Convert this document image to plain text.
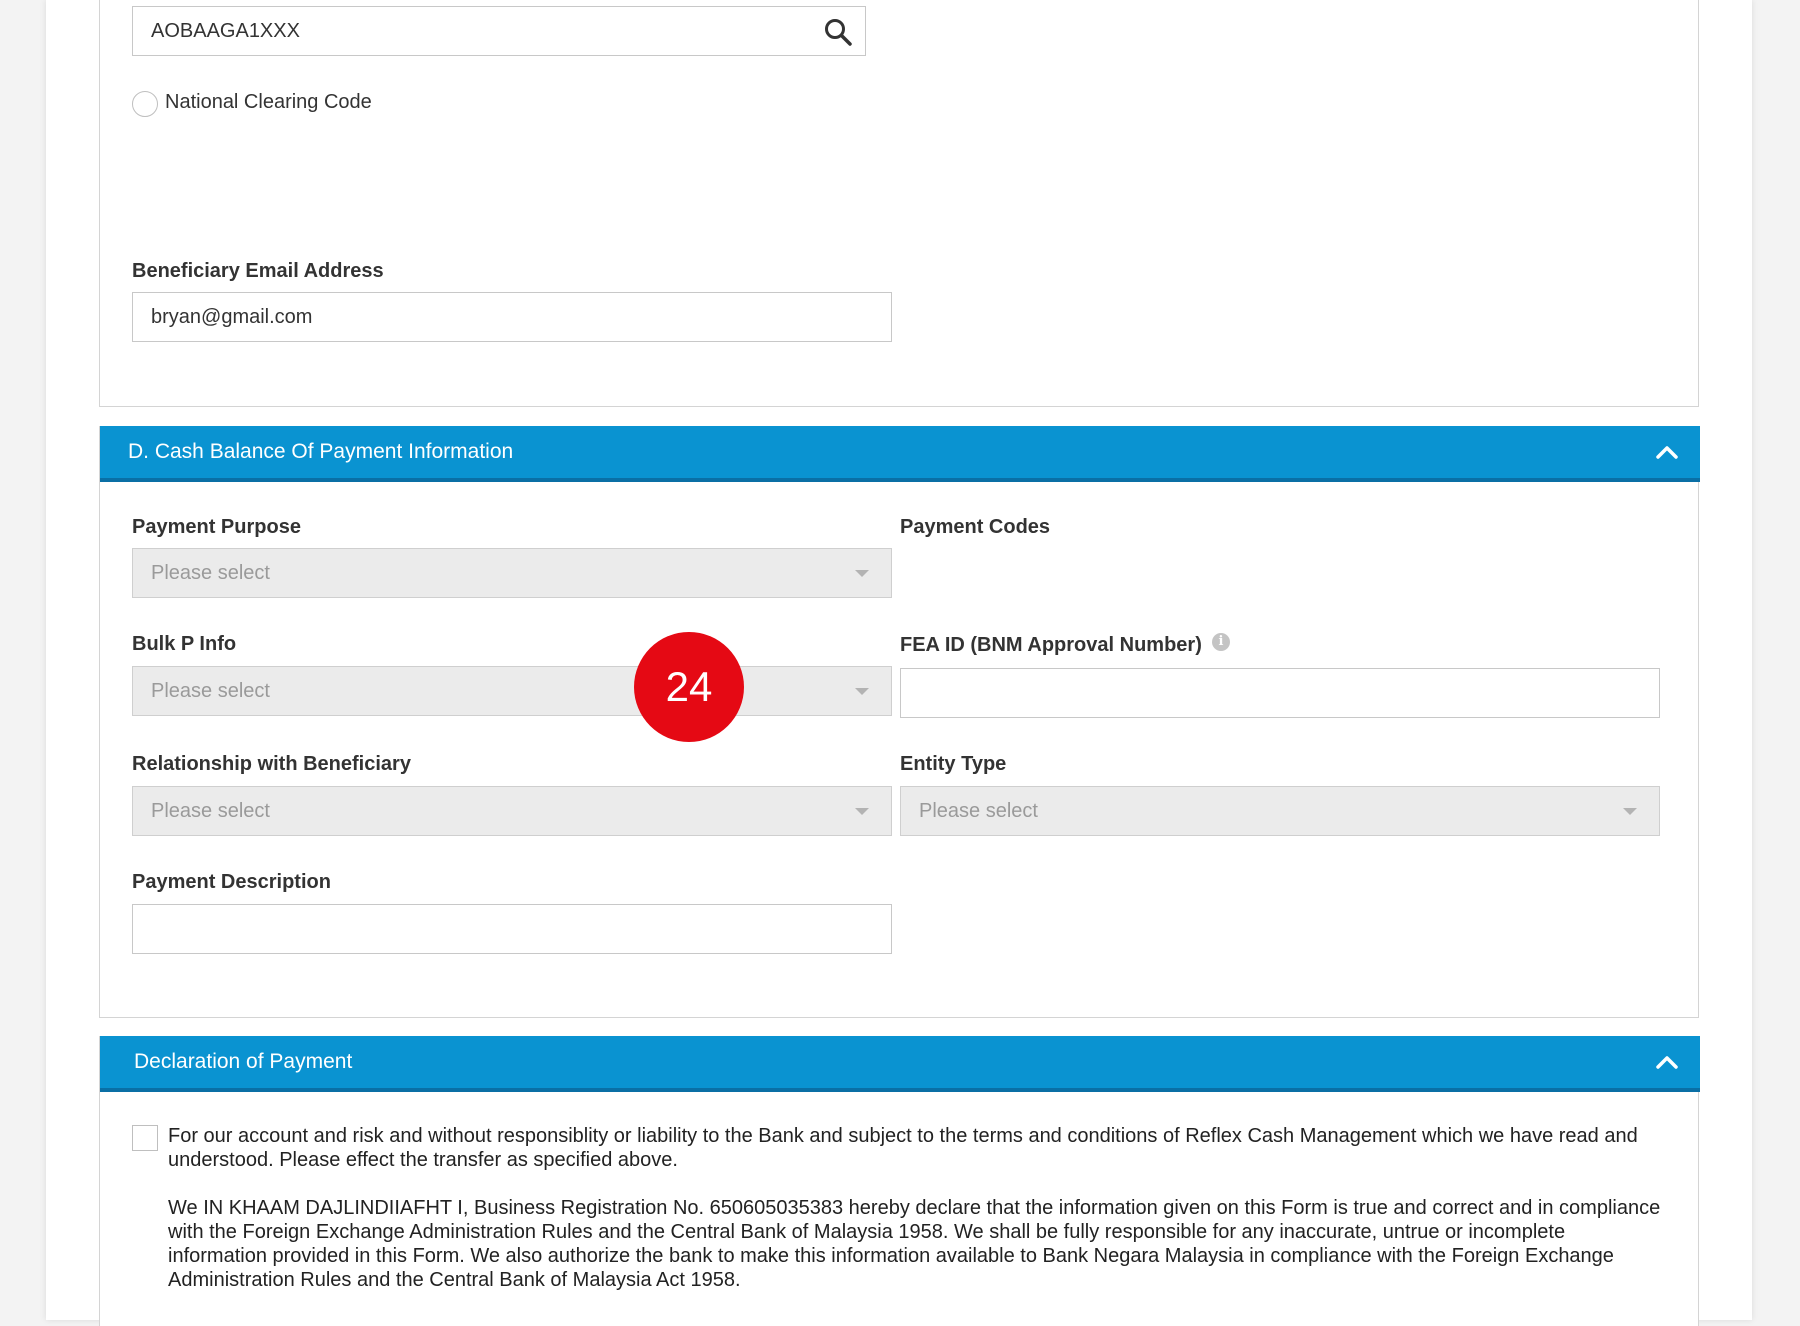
AOBAAGA1XXX
National Clearing Code
Beneficiary Email Address
bryan@gmail.com
D. Cash Balance Of Payment Information
Payment Purpose
Please select
Payment Codes
Bulk P Info
Please select
FEA ID (BNM Approval Number)	i
Relationship with Beneficiary
Please select
Entity Type
Please select
Payment Description
24
Declaration of Payment
For our account and risk and without responsiblity or liability to the Bank and subject to the terms and conditions of Reflex Cash Management which we have read and understood. Please effect the transfer as specified above.
We IN KHAAM DAJLINDIIAFHT I, Business Registration No. 650605035383 hereby declare that the information given on this Form is true and correct and in compliance with the Foreign Exchange Administration Rules and the Central Bank of Malaysia 1958. We shall be fully responsible for any inaccurate, untrue or incomplete information provided in this Form. We also authorize the bank to make this information available to Bank Negara Malaysia in compliance with the Foreign Exchange Administration Rules and the Central Bank of Malaysia Act 1958.
